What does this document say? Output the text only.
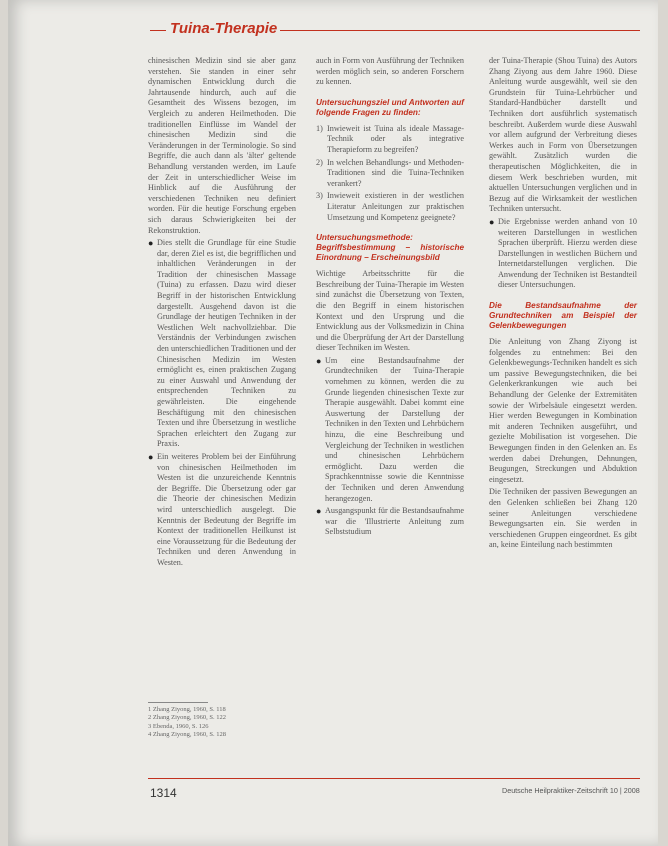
Tuina-Therapie

chinesischen Medizin sind sie aber ganz verstehen. Sie standen in einer sehr dynamischen Entwicklung durch die Jahrtausende hindurch, auch auf die Gesamtheit des Wissens bezogen, im Vergleich zu anderen Heilmethoden. Die traditionellen Einflüsse im Wandel der chinesischen Medizin sind die Veränderungen in der Terminologie. So sind Begriffe, die auch dann als 'älter' geltende Behandlung verstanden werden, im Laufe der Zeit in unterschiedlicher Weise im Hinblick auf die Ausführung der verschiedenen Techniken neu definiert worden. Für die heutige Forschung ergeben sich daraus Schwierigkeiten bei der Rekonstruktion.

● Dies stellt die Grundlage für eine Studie dar, deren Ziel es ist, die begrifflichen und inhaltlichen Veränderungen in der Tradition der chinesischen Massage (Tuina) zu erfassen. Dazu wird dieser Begriff in der historischen Entwicklung dargestellt. Ausgehend davon ist die Grundlage der heutigen Techniken in der Westlichen Welt nachvollziehbar. Die Verständnis der Verbindungen zwischen den unterschiedlichen Traditionen und der Chinesischen Medizin im Westen ermöglicht es, einen praktischen Zugang zu einer Auswahl und Anwendung der entsprechenden Techniken zu gewährleisten. Die eingehende Beschäftigung mit den chinesischen Texten und ihre Übersetzung in westliche Sprachen erleichtert den Zugang zur Praxis.
● Ein weiteres Problem bei der Einführung von chinesischen Heilmethoden im Westen ist die unzureichende Kenntnis der Begriffe. Die Übersetzung oder gar die Theorie der chinesischen Medizin wird unterschiedlich ausgelegt. Die Kenntnis der Bedeutung der Begriffe im Kontext der traditionellen Heilkunst ist eine Voraussetzung für die Bedeutung der Techniken und deren Anwendung in Westen.

auch in Form von Ausführung der Techniken werden möglich sein, so anderen Forschern zu kennen.

Untersuchungsziel und Antworten auf folgende Fragen zu finden:
1) Inwieweit ist Tuina als ideale Massage-Technik oder als integrative Therapieform zu begreifen?
2) In welchen Behandlungs- und Methoden-Traditionen sind die Tuina-Techniken verankert?
3) Inwieweit existieren in der westlichen Literatur Anleitungen zur praktischen Umsetzung und Kompetenz geeignete?
Untersuchungsmethode: Begriffsbestimmung – historische Einordnung – Erscheinungsbild

Wichtige Arbeitsschritte für die Beschreibung der Tuina-Therapie im Westen sind zunächst die Übersetzung von Texten, die den Begriff in einem historischen Kontext und den Ursprung und die Entwicklung aus der Volksmedizin in China und die Überprüfung der Art der Darstellung dieser Techniken im Westen.

● Um eine Bestandsaufnahme der Grundtechniken der Tuina-Therapie vornehmen zu können, werden die zu Grunde liegenden chinesischen Texte zur Therapie ausgewählt. Dabei kommt eine Auswertung der Darstellung der Techniken in den Texten und Lehrbüchern hinzu, die eine Beschreibung und Vergleichung der Techniken in westlichen und chinesischen Lehrbüchern ermöglicht. Dazu werden die Sprachkenntnisse sowie die Kenntnisse der Techniken und deren Anwendung herangezogen.
● Ausgangspunkt für die Bestandsaufnahme war die 'Illustrierte Anleitung zum Selbststudium

der Tuina-Therapie (Shou Tuina) des Autors Zhang Ziyong aus dem Jahre 1960. Diese Anleitung wurde ausgewählt, weil sie den Grundstein für Tuina-Lehrbücher und Standard-Handbücher darstellt und Techniken dort ausführlich systematisch beschreibt. Außerdem wurde diese Auswahl vor allem aufgrund der Verbreitung dieses Werkes auch in Form von Übersetzungen gewählt. Zusätzlich wurden die therapeutischen Möglichkeiten, die in diesem Werk beschrieben wurden, mit aktuellen Untersuchungen verglichen und in Bezug auf die Wirksamkeit der westlichen Techniken untersucht.

● Die Ergebnisse werden anhand von 10 weiteren Darstellungen in westlichen Sprachen überprüft. Hierzu werden diese Darstellungen in westlichen Büchern und Internetdarstellungen verglichen. Die Anwendung der Techniken ist Bestandteil dieser Untersuchungen.
Die Bestandsaufnahme der Grundtechniken am Beispiel der Gelenkbewegungen

Die Anleitung von Zhang Ziyong ist folgendes zu entnehmen: Bei den Gelenkbewegungs-Techniken handelt es sich um passive Bewegungstechniken, die bei Gelenkerkrankungen wie auch bei Behandlung der Gelenke der Extremitäten sowie der Wirbelsäule eingesetzt werden. Hier werden Bewegungen in Kombination mit anderen Techniken ausgeführt, und gezielte Mobilisation ist vorgesehen. Die Bewegungen finden in den Gelenken an. Es werden dabei Drehungen, Dehnungen, Beugungen, Streckungen und Abduktion eingesetzt.

Die Techniken der passiven Bewegungen an den Gelenken schließen bei Zhang 120 seiner Anleitungen verschiedene Bewegungsarten ein. Sie werden in verschiedenen Gruppen eingeordnet. Es gibt an, keine Einteilung nach bestimmten

1 Zhang Ziyong, 1960, S. 118
2 Zhang Ziyong, 1960, S. 122
3 Ebenda, 1960, S. 126
4 Zhang Ziyong, 1960, S. 128
1314	Deutsche Heilpraktiker-Zeitschrift 10 | 2008
